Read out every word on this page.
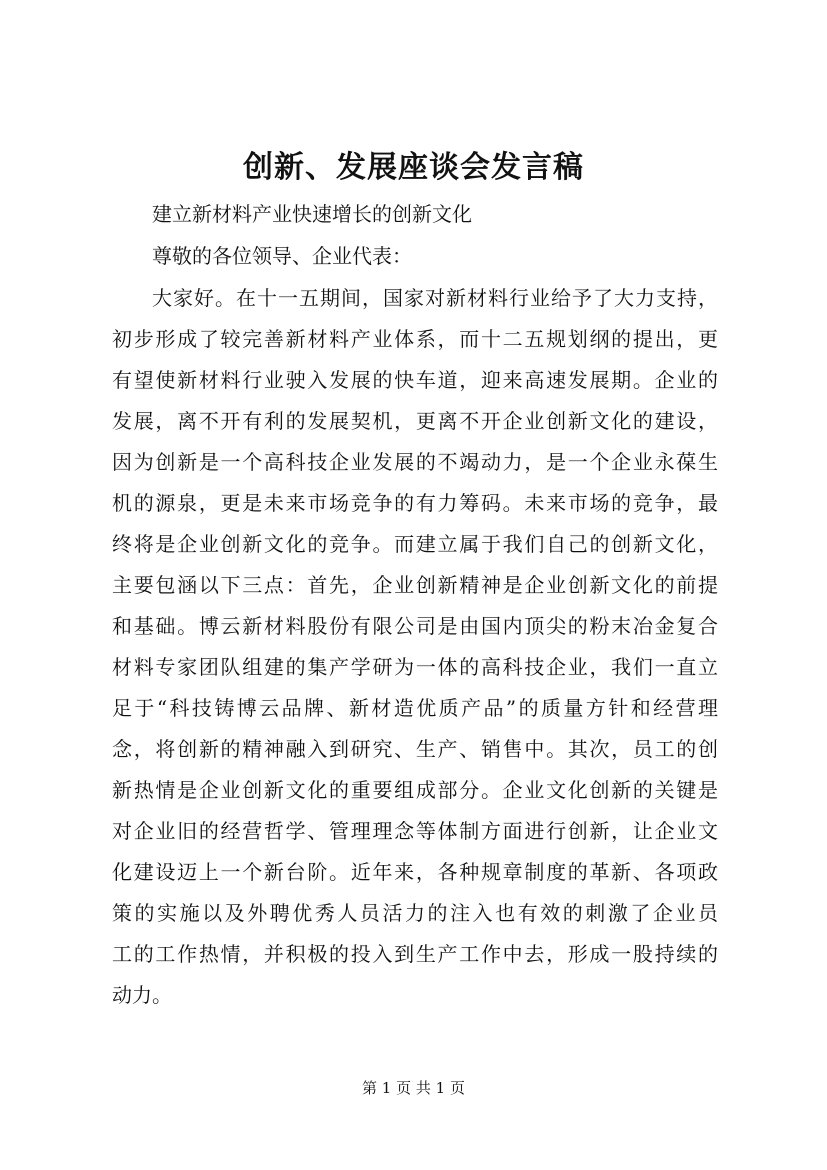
创新、发展座谈会发言稿

建立新材料产业快速增长的创新文化

尊敬的各位领导、企业代表：

大家好。在十一五期间，国家对新材料行业给予了大力支持，

初步形成了较完善新材料产业体系，而十二五规划纲的提出，更

有望使新材料行业驶入发展的快车道，迎来高速发展期。企业的

发展，离不开有利的发展契机，更离不开企业创新文化的建设，

因为创新是一个高科技企业发展的不竭动力，是一个企业永葆生

机的源泉，更是未来市场竞争的有力筹码。未来市场的竞争，最

终将是企业创新文化的竞争。而建立属于我们自己的创新文化，

主要包涵以下三点：首先，企业创新精神是企业创新文化的前提

和基础。博云新材料股份有限公司是由国内顶尖的粉末冶金复合

材料专家团队组建的集产学研为一体的高科技企业，我们一直立

足于“科技铸博云品牌、新材造优质产品”的质量方针和经营理

念，将创新的精神融入到研究、生产、销售中。其次，员工的创

新热情是企业创新文化的重要组成部分。企业文化创新的关键是

对企业旧的经营哲学、管理理念等体制方面进行创新，让企业文

化建设迈上一个新台阶。近年来，各种规章制度的革新、各项政

策的实施以及外聘优秀人员活力的注入也有效的刺激了企业员

工的工作热情，并积极的投入到生产工作中去，形成一股持续的

动力。

第 1 页 共 1 页
